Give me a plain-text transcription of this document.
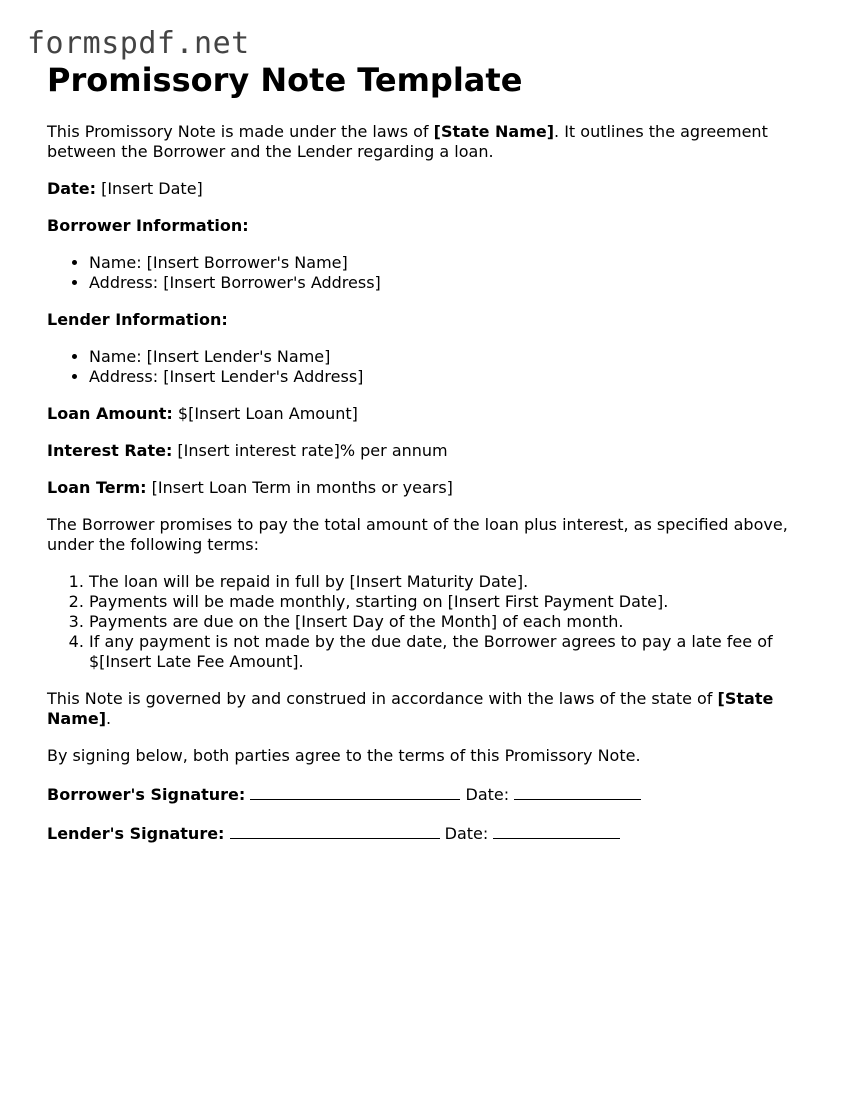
formspdf.net
Promissory Note Template

This Promissory Note is made under the laws of [State Name]. It outlines the agreement between the Borrower and the Lender regarding a loan.

Date: [Insert Date]

Borrower Information:

• Name: [Insert Borrower's Name]
• Address: [Insert Borrower's Address]

Lender Information:

• Name: [Insert Lender's Name]
• Address: [Insert Lender's Address]

Loan Amount: $[Insert Loan Amount]

Interest Rate: [Insert interest rate]% per annum

Loan Term: [Insert Loan Term in months or years]

The Borrower promises to pay the total amount of the loan plus interest, as specified above, under the following terms:

1. The loan will be repaid in full by [Insert Maturity Date].
2. Payments will be made monthly, starting on [Insert First Payment Date].
3. Payments are due on the [Insert Day of the Month] of each month.
4. If any payment is not made by the due date, the Borrower agrees to pay a late fee of $[Insert Late Fee Amount].

This Note is governed by and construed in accordance with the laws of the state of [State Name].

By signing below, both parties agree to the terms of this Promissory Note.

Borrower's Signature:	Date:

Lender's Signature:	Date:
